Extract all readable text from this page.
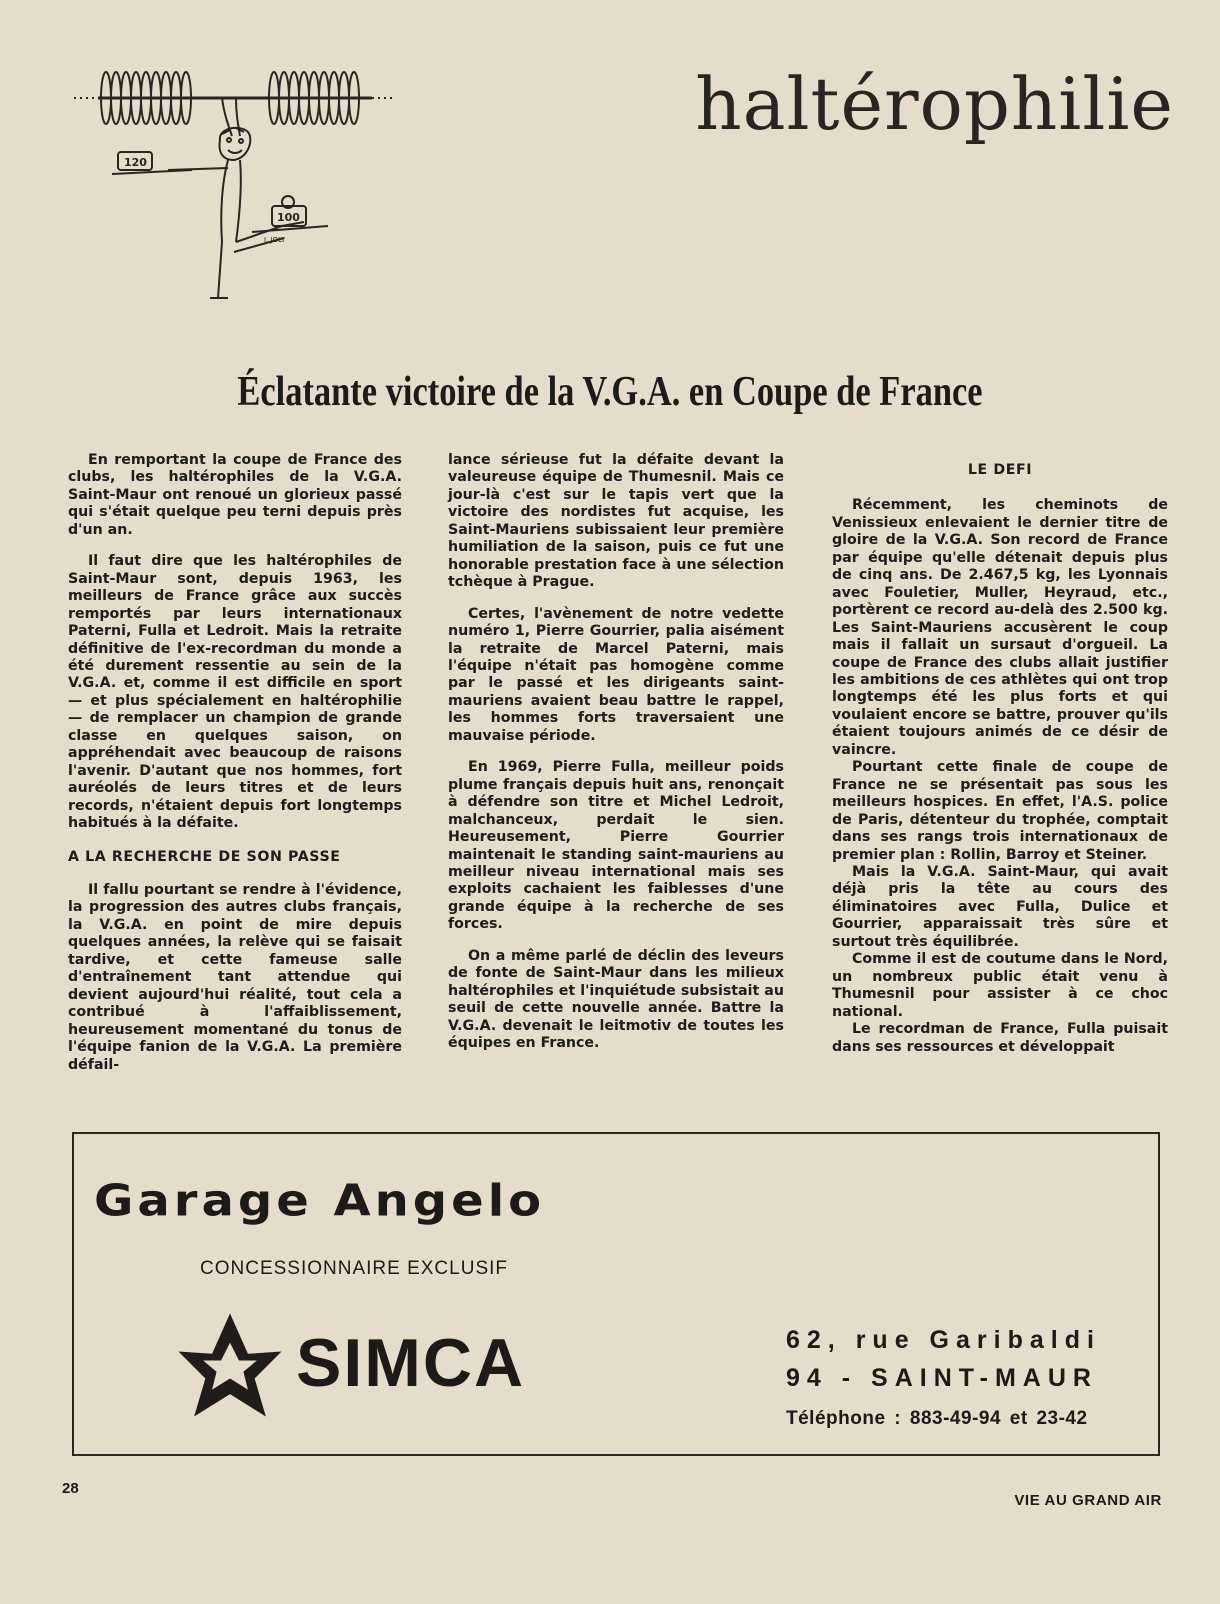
120
100
J. JOLY
haltérophilie
Éclatante victoire de la V.G.A. en Coupe de France

En remportant la coupe de France des clubs, les haltérophiles de la V.G.A. Saint-Maur ont renoué un glorieux passé qui s'était quelque peu terni depuis près d'un an.

Il faut dire que les haltérophiles de Saint-Maur sont, depuis 1963, les meilleurs de France grâce aux succès remportés par leurs internationaux Paterni, Fulla et Ledroit. Mais la retraite définitive de l'ex-recordman du monde a été durement ressentie au sein de la V.G.A. et, comme il est difficile en sport — et plus spécialement en haltérophilie — de remplacer un champion de grande classe en quelques saison, on appréhendait avec beaucoup de raisons l'avenir. D'autant que nos hommes, fort auréolés de leurs titres et de leurs records, n'étaient depuis fort longtemps habitués à la défaite.

A LA RECHERCHE DE SON PASSE

Il fallu pourtant se rendre à l'évidence, la progression des autres clubs français, la V.G.A. en point de mire depuis quelques années, la relève qui se faisait tardive, et cette fameuse salle d'entraînement tant attendue qui devient aujourd'hui réalité, tout cela a contribué à l'affaiblissement, heureusement momentané du tonus de l'équipe fanion de la V.G.A. La première défail-

lance sérieuse fut la défaite devant la valeureuse équipe de Thumesnil. Mais ce jour-là c'est sur le tapis vert que la victoire des nordistes fut acquise, les Saint-Mauriens subissaient leur première humiliation de la saison, puis ce fut une honorable prestation face à une sélection tchèque à Prague.

Certes, l'avènement de notre vedette numéro 1, Pierre Gourrier, palia aisément la retraite de Marcel Paterni, mais l'équipe n'était pas homogène comme par le passé et les dirigeants saint-mauriens avaient beau battre le rappel, les hommes forts traversaient une mauvaise période.

En 1969, Pierre Fulla, meilleur poids plume français depuis huit ans, renonçait à défendre son titre et Michel Ledroit, malchanceux, perdait le sien. Heureusement, Pierre Gourrier maintenait le standing saint-mauriens au meilleur niveau international mais ses exploits cachaient les faiblesses d'une grande équipe à la recherche de ses forces.

On a même parlé de déclin des leveurs de fonte de Saint-Maur dans les milieux haltérophiles et l'inquiétude subsistait au seuil de cette nouvelle année. Battre la V.G.A. devenait le leitmotiv de toutes les équipes en France.

LE DEFI

Récemment, les cheminots de Venissieux enlevaient le dernier titre de gloire de la V.G.A. Son record de France par équipe qu'elle détenait depuis plus de cinq ans. De 2.467,5 kg, les Lyonnais avec Fouletier, Muller, Heyraud, etc., portèrent ce record au-delà des 2.500 kg. Les Saint-Mauriens accusèrent le coup mais il fallait un sursaut d'orgueil. La coupe de France des clubs allait justifier les ambitions de ces athlètes qui ont trop longtemps été les plus forts et qui voulaient encore se battre, prouver qu'ils étaient toujours animés de ce désir de vaincre.

Pourtant cette finale de coupe de France ne se présentait pas sous les meilleurs hospices. En effet, l'A.S. police de Paris, détenteur du trophée, comptait dans ses rangs trois internationaux de premier plan : Rollin, Barroy et Steiner.

Mais la V.G.A. Saint-Maur, qui avait déjà pris la tête au cours des éliminatoires avec Fulla, Dulice et Gourrier, apparaissait très sûre et surtout très équilibrée.

Comme il est de coutume dans le Nord, un nombreux public était venu à Thumesnil pour assister à ce choc national.

Le recordman de France, Fulla puisait dans ses ressources et développait

Garage Angelo
CONCESSIONNAIRE EXCLUSIF
SIMCA	62, rue Garibaldi
94 - SAINT-MAUR
Téléphone : 883-49-94 et 23-42
28
VIE AU GRAND AIR
